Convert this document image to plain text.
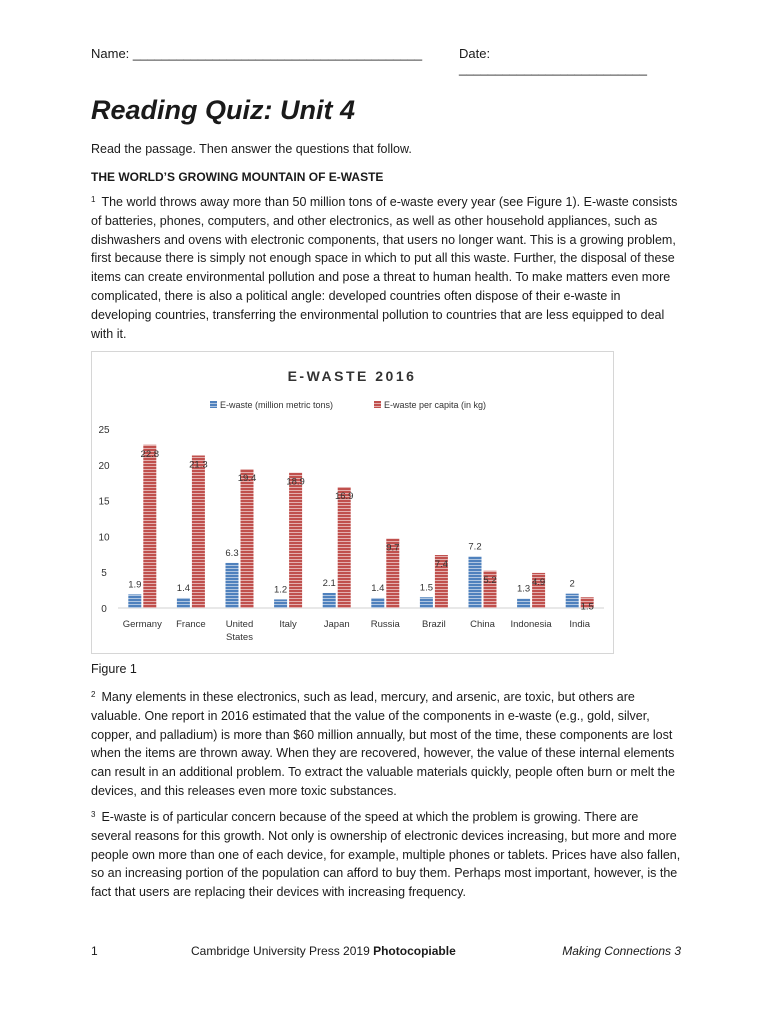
Name: ________________________________________	Date: __________________________
Reading Quiz: Unit 4
Read the passage. Then answer the questions that follow.
THE WORLD’S GROWING MOUNTAIN OF E-WASTE

$^1$ The world throws away more than 50 million tons of e-waste every year (see Figure 1). E-waste consists of batteries, phones, computers, and other electronics, as well as other household appliances, such as dishwashers and ovens with electronic components, that users no longer want. This is a growing problem, first because there is simply not enough space in which to put all this waste. Further, the disposal of these items can create environmental pollution and pose a threat to human health. To make matters even more complicated, there is also a political angle: developed countries often dispose of their e-waste in developing countries, transferring the environmental pollution to countries that are less equipped to deal with it.

E-WASTE 2016
E-waste (million metric tons)	E-waste per capita (in kg)
0
5
10
15
20
25
1.9
22.8
Germany
1.4
21.3
France
6.3
19.4
United
States
1.2
18.9
Italy
2.1
16.9
Japan
1.4
9.7
Russia
1.5
7.4
Brazil
7.2
5.2
China
1.3
4.9
Indonesia
2
1.5
India
Figure 1

$^2$ Many elements in these electronics, such as lead, mercury, and arsenic, are toxic, but others are valuable. One report in 2016 estimated that the value of the components in e-waste (e.g., gold, silver, copper, and palladium) is more than $60 million annually, but most of the time, these components are lost when the items are thrown away. When they are recovered, however, the value of these internal elements can result in an additional problem. To extract the valuable materials quickly, people often burn or melt the devices, and this releases even more toxic substances.

$^3$ E-waste is of particular concern because of the speed at which the problem is growing. There are several reasons for this growth. Not only is ownership of electronic devices increasing, but more and more people own more than one of each device, for example, multiple phones or tablets. Prices have also fallen, so an increasing portion of the population can afford to buy them. Perhaps most important, however, is the fact that users are replacing their devices with increasing frequency.

1	Cambridge University Press 2019 Photocopiable	Making Connections 3
